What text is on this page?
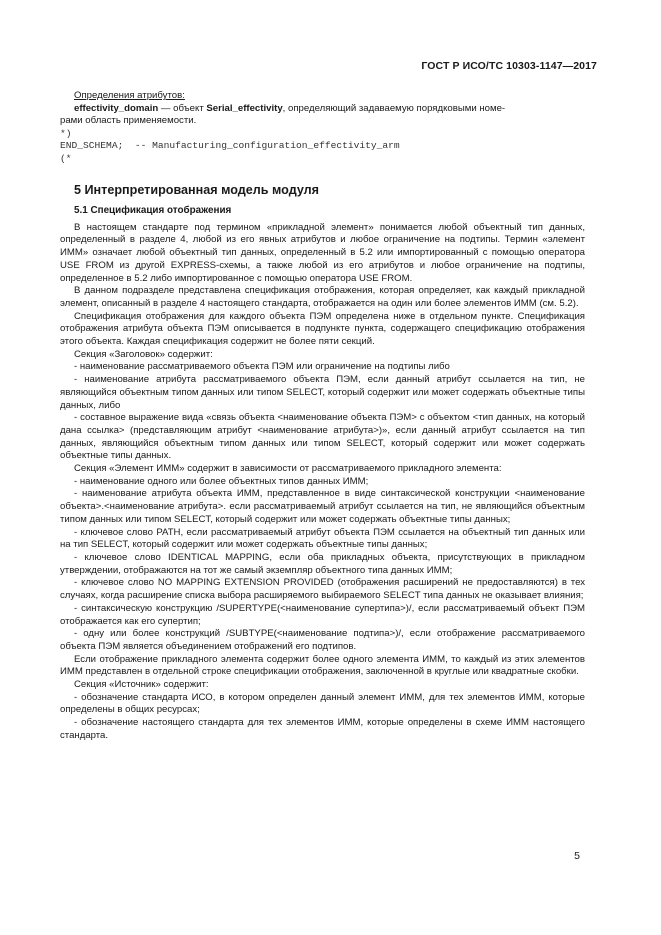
ГОСТ Р ИСО/ТС 10303-1147—2017

Определения атрибутов:

effectivity_domain — объект Serial_effectivity, определяющий задаваемую порядковыми номе-

рами область применяемости.

*)

END_SCHEMA;  -- Manufacturing_configuration_effectivity_arm

(*

5 Интерпретированная модель модуля
5.1 Спецификация отображения

В настоящем стандарте под термином «прикладной элемент» понимается любой объектный тип данных, определенный в разделе 4, любой из его явных атрибутов и любое ограничение на подтипы. Термин «элемент ИММ» означает любой объектный тип данных, определенный в 5.2 или импортированный с помощью оператора USE FROM из другой EXPRESS-схемы, а также любой из его атрибутов и любое ограничение на подтипы, определенное в 5.2 либо импортированное с помощью оператора USE FROM.

В данном подразделе представлена спецификация отображения, которая определяет, как каждый прикладной элемент, описанный в разделе 4 настоящего стандарта, отображается на один или более элементов ИММ (см. 5.2).

Спецификация отображения для каждого объекта ПЭМ определена ниже в отдельном пункте. Спецификация отображения атрибута объекта ПЭМ описывается в подпункте пункта, содержащего спецификацию отображения этого объекта. Каждая спецификация содержит не более пяти секций.

Секция «Заголовок» содержит:

- наименование рассматриваемого объекта ПЭМ или ограничение на подтипы либо

- наименование атрибута рассматриваемого объекта ПЭМ, если данный атрибут ссылается на тип, не являющийся объектным типом данных или типом SELECT, который содержит или может содержать объектные типы данных, либо

- составное выражение вида «связь объекта <наименование объекта ПЭМ> с объектом <тип данных, на который дана ссылка> (представляющим атрибут <наименование атрибута>)», если данный атрибут ссылается на тип данных, являющийся объектным типом данных или типом SELECT, который содержит или может содержать объектные типы данных.

Секция «Элемент ИММ» содержит в зависимости от рассматриваемого прикладного элемента:

- наименование одного или более объектных типов данных ИММ;

- наименование атрибута объекта ИММ, представленное в виде синтаксической конструкции <наименование объекта>.<наименование атрибута>. если рассматриваемый атрибут ссылается на тип, не являющийся объектным типом данных или типом SELECT, который содержит или может содержать объектные типы данных;

- ключевое слово PATH, если рассматриваемый атрибут объекта ПЭМ ссылается на объектный тип данных или на тип SELECT, который содержит или может содержать объектные типы данных;

- ключевое слово IDENTICAL MAPPING, если оба прикладных объекта, присутствующих в прикладном утверждении, отображаются на тот же самый экземпляр объектного типа данных ИММ;

- ключевое слово NO MAPPING EXTENSION PROVIDED (отображения расширений не предоставляются) в тех случаях, когда расширение списка выбора расширяемого выбираемого SELECT типа данных не оказывает влияния;

- синтаксическую конструкцию /SUPERTYPE(<наименование супертипа>)/, если рассматриваемый объект ПЭМ отображается как его супертип;

- одну или более конструкций /SUBTYPE(<наименование подтипа>)/, если отображение рассматриваемого объекта ПЭМ является объединением отображений его подтипов.

Если отображение прикладного элемента содержит более одного элемента ИММ, то каждый из этих элементов ИММ представлен в отдельной строке спецификации отображения, заключенной в круглые или квадратные скобки.

Секция «Источник» содержит:

- обозначение стандарта ИСО, в котором определен данный элемент ИММ, для тех элементов ИММ, которые определены в общих ресурсах;

- обозначение настоящего стандарта для тех элементов ИММ, которые определены в схеме ИММ настоящего стандарта.

5
